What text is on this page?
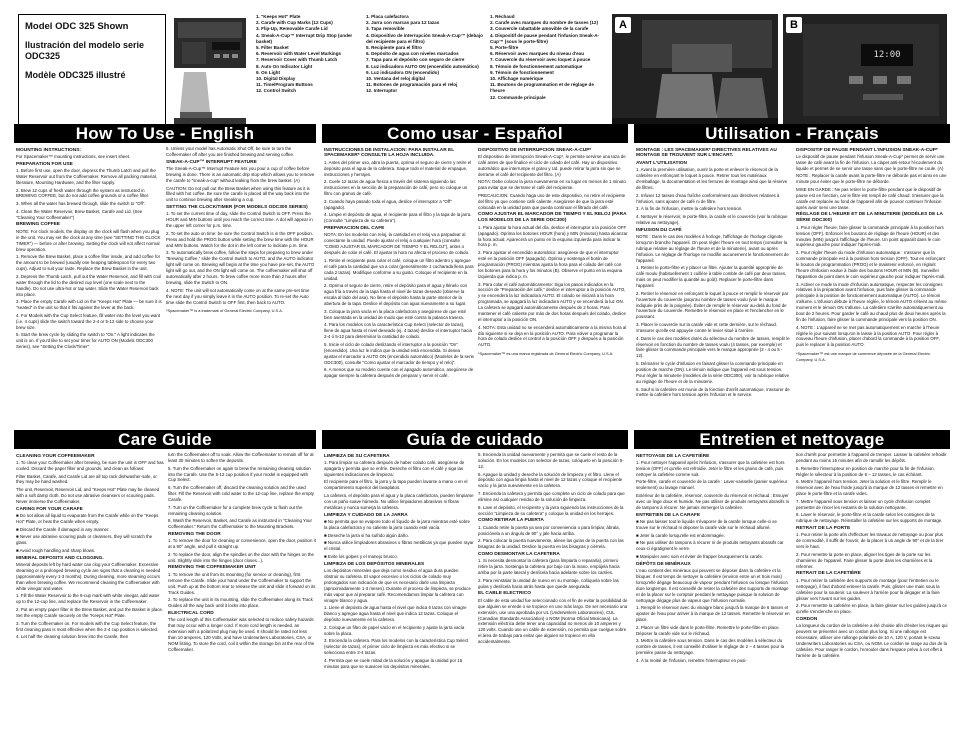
Model ODC 325 Shown
Ilustración del modelo serie ODC325
Modèle ODC325 illustré
1. "Keeps Hot" Plate
2. Carafe with Cup Marks (12 Cups)
3. Flip-Up, Removable Carafe Lid
4. Sneak-A-Cup™ Interrupt Drip Stop (under basket)
5. Filter Basket
6. Reservoir with Water Level Markings
7. Reservoir Cover with Thumb Latch
8. Auto On Indicator Light
9. On Light
10. Digital Display
11. Time/Program Buttons
12. Control Switch
1. Placa calefactora
2. Jarra con marcas para 12 tazas
3. Tapa removible
4. Dispositivo de interrupción Sneak-A-Cup™ (debajo del recipiente para el filtro)
5. Recipiente para el filtro
6. Depósito de agua con niveles marcados
7. Tapa para el depósito con seguro de cierre
8. Luz indicadora AUTO ON (encendido automático)
9. Luz indicadora ON (encendido)
10. Ventana del reloj digital
11. Botones de programación para el reloj
12. Interruptor
1. Réchaud
2. Carafe avec marques du nombre de tasses (12)
3. Couvercle rabattable amovible de la carafe
4. Dispositif de pause pendant l'infusion Sneak-A-Cup™ (sous le porte-filtre)
5. Porte-filtre
6. Réservoir avec marques du niveau d'eau
7. Couvercle du réservoir avec loquet à pouce
8. Témoin de fonctionnement automatique
9. Témoin de fonctionnement
10. Affichage numérique
11. Boutons de programmation et de réglage de l'heure
12. Commande principale
A	B
12:00
How To Use - English	Como usar - Español	Utilisation - Français
MOUNTING INSTRUCTIONS:

For Spacemaker™ mounting instructions, see insert sheet.

PREPARATION FOR USE

1. Before first use, open the door, depress the Thumb Latch and pull the Water Reservoir out from the Coffeemaker. Remove all packing material, literature, Mounting Hardware, and the filter supply.

2. Brew 12 cups of fresh water through the system as instructed in BREWING COFFEE, but do not add coffee grounds or a coffee filter.

3. When all the water has brewed through, slide the switch to "Off".

4. Clean the Water Reservoir, Brew Basket, Carafe and Lid. (See "Cleaning Your Coffeemaker")

BREWING COFFEE

NOTE: For clock models, the display on the clock will flash when you plug in the unit. You may set the clock at any time (see "SETTING THE CLOCK TIMER") — before or after brewing. Setting the clock will not affect normal brew operation.

1. Remove the Brew Basket, place a coffee filter inside, and add coffee for the amount to be brewed (usually one heaping tablespoon for every two cups). Adjust to suit your taste. Replace the Brew Basket in the unit.

2. Depress the Thumb Latch, pull out the Water Reservoir, and fill with cool water through the lid to the desired cup level (one scale next to the handle). Do not use ultra-hot or tap water. Slide the Water Reservoir back into place.

3. Place the empty Carafe with Lid on the "Keeps Hot" Plate — be sure it is "seated" in the unit so that it fits against the lever at the back.

4. For Models with the Cup Select feature, fill water into the level you want (i.e. 4 cups) slide the switch toward the 2-4 or 5-12 side to choose your brew size.

5. Start the brew cycle by sliding the switch to "On." A light indicates the unit is on. If you'd like to set your timer for AUTO ON (Models ODC300 Series), see "Setting the Clock/Timer"

6. Unless your model has Automatic Shut Off, be sure to turn the Coffeemaker off after you are finished brewing and serving coffee.

SNEAK-A-CUP™ INTERRUPT FEATURE

The Sneak-A-Cup™ Interrupt Feature lets you pour a cup of coffee before brewing is done. There is an automatic drip stop which allows you to remove the carafe to "sneak-a-cup" without leaking from the brew basket. (A)

CAUTION: Do not pull out the Brew Basket when using this feature as it is filled with hot coffee. Be sure the carafe is placed all the way back into the unit to continue brewing after sneaking a cup.

SETTING THE CLOCK/TIMER (FOR MODELS ODC300 SERIES)

1. To set the current time of day, slide the Control Switch to OFF. Press the HOUR and MIN buttons until you reach the correct time. A dot will appear in the upper left corner for p.m. time.

2. To set the auto on time: be sure the Control Switch is in the OFF position. Press and hold the PROG button while setting the brew time with the HOUR and MIN buttons. Watch for the dot in the left corner to indicate p.m. time.

3. To automatically brew coffee, follow the steps for preparing to brew under "Brewing Coffee," slide the Control Switch to AUTO, and the AUTO indicator light will come on. Brewing will begin at the time you have pre-set, the AUTO light will go out, and the ON light will come on. The coffeemaker will shut off automatically after 2 hours. To brew coffee more more than 2 hours after brewing, slide the Switch to ON.

4. NOTE: The unit will not automatically come on at the same pre-set time the next day if you simply leave it in the AUTO position. To re-set the Auto time slide the Control Switch to OFF first, then back to AUTO.

*Spacemaker™ is a trademark of General Electric Company, U.S.A.

INSTRUCCIONES DE INSTALACION: PARA INSTALAR EL SPACEMAKER* CONSULTE LA HOJA INCLUIDA.

1. Antes del primer uso, abra la puerta, oprima el seguro de cierre y retire el depósito para el agua de la cafetera. Saque todo el material de empaque, instrucciones y herrajes.

2. Cuele 12 tazas de agua fresca a través del sistema siguiendo las instrucciones en la sección de la preparación de café, pero no coloque un filtro con granos de café.

3. Cuando haya pasado toda el agua, deslice el interruptor a "Off" (apagado).

4. Limpie el depósito de agua, el recipiente para el filtro y la tapa de la jarra. (Consulte "Limpieza de su cafetera").

PREPARACION DEL CAFE

NOTA: En los modelos con reloj, la cantidad en el reloj va a parpadear al conectarse la unidad. Puede ajustar el reloj a cualquier hora (consulte "COMO AJUSTAR EL MARCADOR DE TIEMPO Y EL RELOJ"), antes o después de colar el café. El ajustar la hora no afecta el proceso de colado.

1. Retire el recipiente para colar el café, coloque un filtro adentro y agregue el café para la cantidad que va a colar (generalmente 1 cucharada llena para cada 2 tazas). Modifique conforme a su gusto. Coloque el recipiente en la unidad.

2. Oprima el seguro de cierre, retire el depósito para el agua y llénelo con agua fría a través de la tapa hasta el nivel de tazas deseado (observe la escala al lado del asa). No llene el depósito hasta la parte interior de la abertura de la tapa. Deslice el depósito con agua nuevamente a su lugar.

3. Coloque la jarra vacía en la placa calefactora y asegúrese de que esté bien asentada en la unidad de modo que esté contra la palanca trasera.

4. Para los modelos con la característica Cup Select (selector de tazas), llene de agua hasta el nivel deseado (ej. 4 tazas) deslice el interruptor hacia 2-4 ó 5-12 para determinar la cantidad de colado.

5. Inicie el ciclo de colado deslizando el interruptor a la posición "On" (encendido). Una luz le indica que la unidad está encendida. Si desea ajustar el marcador a AUTO ON (encendido automático) (Modelos de la serie ODC300), consulte "Como ajustar el marcador de tiempo y el reloj".

6. A menos que su modelo cuente con el apagado automático, asegúrese de apagar siempre la cafetera después de preparar y servir el café.

DISPOSITIVO DE INTERRUPCION SNEAK-A-CUP*

El dispositivo de interrupción Sneak-A-Cup*, le permite servirse una taza de café antes de que finalice el ciclo de colado del café. Hay un dispositivo automático que interrumpe el goteo y Ud. puede retirar la jarra sin que se derrame el café del recipiente del filtro. (A)

NOTA: Debe colocar la jarra nuevamente en su lugar en menos de 1 minuto para evitar que se derrame el café del recipiente.

PRECAUCION: Cuando haga uso de este dispositivo, no retire el recipiente del filtro ya que contiene café caliente. Asegúrese de que la jarra esté colocada en la unidad para que pueda continuar el filtrado del café.

COMO AJUSTAR EL MARCADOR DE TIEMPO Y EL RELOJ (PARA LOS MODELOS DE LA SERIE ODC300)

1. Para ajustar la hora actual del día, deslice el interruptor a la posición OFF (apagado). Oprima los botones HOUR (hora) y MIN (minutos) hasta alcanzar la hora actual. Aparecerá un punto en la esquina izquierda para indicar la hora p. m.

2. Para ajustar el encendido automático: asegúrese de que el interruptor esté en la posición OFF (apagado). Oprima y sostenga el botón de programación (PROG) mientras ajusta la hora para el colado del café con los botones para la hora y los minutos (B). Observe el punto en la esquina izquierda que indica p. m.

3. Para colar el café automáticamente: Siga los pasos indicados en la sección de "Preparación del café," deslice el interruptor a la posición AUTO, y se encenderá la luz indicadora AUTO. El colado se iniciará a la hora programada, se apagará la luz indicadora AUTO y se encenderá la luz ON. La cafetera se apagará automáticamente después de 2 horas. Para mantener el café caliente por más de dos horas después del colado, deslice el interruptor a la posición ON.

4. NOTA: Esta unidad no se encenderá automáticamente a la misma hora al día siguiente si se deja en la posición AUTO. Para volver a programar la hora de colado deslice el control a la posición OFF y después a la posición AUTO.

*Spacemaker™ es una marca registrada de General Electric Company, U.S.A.

MONTAGE : LES SPACEMAKER* DIRECTIVES RELATIVES AU MONTAGE SE TROUVENT SUR L'ENCART.
AVANT L'UTILISATION

1. Avant la première utilisation, ouvrir la porte et enlever le réservoir de la cafetière en enfonçant le loquet à pouce. Retirer tous les matériaux d'emballage, la documentation et les ferrures de montage ainsi que la réserve de filtres.

2. Infuser 12 tasses d'eau fraîche conformément aux directives relatives à l'infusion, sans ajouter de café ni de filtre.

3. À la fin de l'infusion, mettre la cafetière hors tension.

4. Nettoyer le réservoir, le porte-filtre, la carafe et le couvercle (voir la rubrique relative au nettoyage).

INFUSION DU CAFÉ

NOTE : Dans le cas des modèles à horloge, l'affichage de l'horloge clignote lorsqu'on branche l'appareil. On peut régler l'heure en tout temps (consulter la rubrique relative au réglage de l'heure et de la minuterie), avant ou après l'infusion. Le réglage de l'horloge ne modifie aucunement le fonctionnement de l'appareil.

1. Retirer le porte-filtre et y placer un filtre. Ajouter la quantité appropriée de café moulu (habituellement 1 cuillère à table comble de café par deux tasses, mais on peut modifier la quantité au goût). Replacer le porte-filtre dans l'appareil.

2. Retirer le réservoir en enfonçant le loquet à pouce et remplir le réservoir par l'ouverture du couvercle jusqu'au nombre de tasses voulu (voir le marque indiquée près de la poignée). Éviter de remplir le réservoir au-delà du fond de l'ouverture du couvercle. Remettre le réservoir en place et l'enclencher en le poussant.

3. Placer le couvercle sur la carafe vide et cette dernière, sur le réchaud. S'assurer qu'elle est appuyée contre le levier situé à l'arrière.

4. Dans le cas des modèles dotés du sélecteur du nombre de tasses, remplir le réservoir en fonction du nombre de tasses voulu (4 tasses, par exemple) et faire glisser la commande principale vers le marque appropriée (2 - 4 ou 5 - 12).

5. Démarrer le cycle d'infusion en faisant glisser la commande principale en position de marche (ON). Le témoin indique que l'appareil est sous tension. Pour régler la minuterie (modèles de la série ODC300), voir la rubrique relative au réglage de l'heure et de la minuterie.

6. Sauf si la cafetière est munie de la fonction d'arrêt automatique, s'assurer de mettre la cafetière hors tension après l'infusion et le service.

DISPOSITIF DE PAUSE PENDANT L'INFUSION SNEAK-A-CUP*

Le dispositif de pause pendant l'infusion Sneak-A-Cup* permet de servir une tasse de café avant la fin de l'infusion. La clapet anti-retour l'écoulement du liquide et permet de se servir une tasse sans que le porte-filtre ne coule. (A)

NOTE : Replacer la carafe avant la porte-filtre ne déborde pas et ainsi en une minute pour éviter que le porte-filtre ne déborde.

MISE EN GARDE : Ne pas retirer le porte-filtre pendant que le dispositif de pause est en fonction, car le filtre est rempli de café chaud. S'assurer que la carafe est replacée au fond de l'appareil afin de pouvoir continuer l'infusion après avoir servi une tasse.

RÉGLAGE DE L'HEURE ET DE LA MINUTERIE (MODÈLES DE LA SÉRIE ODC300)

1. Pour régler l'heure, faire glisser la commande principale à la position hors tension (OFF). Enfoncer les boutons de réglage de l'heure (HOUR) et des minutes (MIN) jusqu'à l'affichage de l'heure. Un point apparaît dans le coin supérieur gauche pour indiquer l'après-midi.

2. Pour régler l'heure du mode d'infusion automatique : s'assurer que la commande principale est à la position hors tension (OFF). Tout en enfonçant le bouton de programmation (PROG) et le maintenir enfoncé, en réglant l'heure d'infusion voulue à l'aide des boutons HOUR et MIN (B). Surveiller l'apparition du point dans le coin supérieur gauche pour indiquer l'après-midi.

3. Activer ce mode la mode d'infusion automatique, respecter les consignes relatives à la préparation avant l'infusion, puis faire glisser la commande principale à la position de fonctionnement automatique (AUTO). Le témoin s'allume. L'infusion débute à l'heure réglée, le témoin AUTO s'éteint au même moment et le témoin ON s'allume. La cafetière s'arrête automatiquement au bout de 2 heures. Pour garder le café au chaud plus de deux heures après la fin de l'infusion, faire glisser la commande principale vers la position ON.

4. NOTE : L'appareil ne se met pas automatiquement en marche à l'heure réglée le jour suivant lorsqu'on le laisse à la position AUTO. Pour régler à nouveau l'heure d'infusion, placer d'abord la commande à la position OFF, puis le replacer à la position AUTO.

*Spacemaker™ est une marque de commerce déposée de la General Electric Company, U.S.A.

Care Guide	Guía de cuidado	Entretien et nettoyage
CLEANING YOUR COFFEEMAKER

1. To clean your Coffeemaker after brewing, be sure the unit is OFF and has cooled. Discard the paper filter and grounds, and clean as follows:

Filter Basket, Carafe, and Carafe Lid are all top rack dishwasher-safe, or they may be hand washed.

The unit, Reservoir, Reservoir Lid, and "Keeps Hot" Plate may be cleaned with a soft damp cloth. Do not use abrasive cleansers or scouring pads. Never immerse the Coffeemaker.

CARING FOR YOUR CARAFE

■ Do not allow all liquid to evaporate from the Carafe while on the "Keeps Hot" Plate, or heat the Carafe when empty.

■ Discard the Carafe if damaged in any manner.

■ Never use abrasive scouring pads or cleansers, they will scratch the glass.

■ Avoid rough handling and sharp blows.

MINERAL DEPOSITS AND CLOGGING.

Mineral deposits left by hard water can clog your Coffeemaker. Excessive steaming or a prolonged brewing cycle are signs that a cleaning is needed (approximately every 1-3 months). During cleaning, more steaming occurs than when brewing coffee. We recommend cleaning the Coffeemaker with white vinegar and water.

1. Fill the Water Reservoir to the 6-cup mark with white vinegar, add water up to the 12-cup line, and replace the Reservoir in the Coffeemaker.

2. Put an empty paper filter in the Brew Basket, and put the Basket in place. Set the empty Carafe securely on the "Keeps Hot" Plate.

3. Turn the Coffeemaker on. For models with the Cup Select feature, the first cleaning pass is most effective when the 2-4 cup position is selected.

4. Let half the cleaning solution brew into the Carafe, then

turn the Coffeemaker off to soak. Allow the Coffeemaker to remain off for at least 30 minutes to soften the deposits.

5. Turn the Coffeemaker on again to brew the remaining cleaning solution into the Carafe. Use the 5-12 cup position if your model is equipped with Cup Select.

6. Turn the Coffeemaker off, discard the cleaning solution and the used filter. Fill the Reservoir with cold water to the 12-cup line, replace the empty Carafe.

7. Turn on the Coffeemaker for a complete brew cycle to flush out the remaining cleaning solution.

8. Wash the Reservoir, Basket, and Carafe as instructed in "Cleaning Your Coffeemaker." Return the Coffeemaker to the Mounting Brackets.

REMOVING THE DOOR

1. To remove the door for cleaning or convenience, open the door, position it at a 90° angle, and pull it straight up.

2. To replace the door, align the spindles on the door with the hinges on the unit. Slightly slide into the hinges (door closes...).

REMOVING THE COFFEEMAKER UNIT

1. To remove the unit from its mounting (for service or cleaning), first remove the Carafe. Slide your hand under the Coffeemaker to support the unit. Push up at the bottom rear to release the unit and slide it forward on its Track Guides.

2. To replace the unit in its mounting, slide the Coffeemaker along its Track Guides all the way back until it locks into place.

ELECTRICAL CORD

The cord length of this Coffeemaker was selected to reduce safety hazards that may occur with a longer cord. If more cord length is needed, an extension with a polarized plug may be used. It should be rated not less than 10 amperes, 120 Volts, and have Underwriters Laboratories, CSA, or NOM listing. To store the cord, coil it within the storage bin at the rear of the Coffeemaker.

LIMPIEZA DE SU CAFETERA

1. Para limpiar su cafetera después de haber colado café, asegúrese de apagarla y permita que se enfríe. Deseche el filtro con el café y siga las siguientes indicaciones de limpieza:

El recipiente para el filtro, la jarra y la tapa pueden lavarse a mano o en el compartimiento superior del lavaplatos.

La cafetera, el depósito para el agua y la placa calefactora, pueden limpiarse con un paño suave húmedo. No utilice limpiadores abrasivos ni fibras metálicas y nunca sumerja la cafetera.

LIMPIEZA Y CUIDADO DE LA JARRA

■ No permita que se evapore todo el líquido de la jarra mientras esté sobre la placa calefactora y no caliente la jarra cuando esté vacía.

■ Deseche la jarra si ha sufrido algún daño.

■ Nunca utilice limpiadores abrasivos o fibras metálicas ya que pueden rayar el cristal.

■ Evite los golpes y el manejo brusco.

LIMPIEZA DE LOS DEPÓSITOS MINERALES

Los depósitos minerales que deja como residuo el agua dura pueden obstruir su cafetera. El vapor excesivo o los ciclos de colado muy prolongados son indicación de que es necesario darle una limpieza (aproximadamente 1-3 meses). Durante el proceso de limpieza, se produce más vapor que al preparar café. Recomendamos limpiar la cafetera con vinagre blanco y agua.

1. Llene el depósito de agua hasta el nivel que indica 6 tazas con vinagre blanco y agregue agua hasta el nivel que indica 12 tazas. Coloque el depósito nuevamente en la cafetera.

2. Coloque un filtro de papel vacío en el recipiente y ajuste la jarra vacía sobre la placa.

3. Encienda la cafetera. Para los modelos con la característica Cup Select (selector de tazas), el primer ciclo de limpieza es más efectivo si se selecciona entre 2-4 tazas.

4. Permita que se cuele mitad de la solución y apague la unidad por 15 minutos para que se suavicen los depósitos minerales.

5. Encienda la unidad nuevamente y permita que se cuele el resto de la solución. En los modelos con selector de tazas, colóquelo en la posición 5-12.

6. Apague la unidad y deseche la solución de limpieza y el filtro. Llene el depósito con agua limpia hasta el nivel de 12 tazas y coloque el recipiente vacío y la jarra nuevamente en la cafetera.

7. Encienda la cafetera y permita que complete un ciclo de colado para que elimine así cualquier residuo de la solución de limpieza.

8. Lave el depósito, el recipiente y la jarra siguiendo las instrucciones de la sección "Limpieza de su cafetera" y coloque la unidad en los herrajes.

COMO RETIRAR LA PUERTA

1. Cuando retire la puerta ya sea por conveniencia o para limpiar, ábrala, posiciónela a un ángulo de 90° y jale hacia arriba.

2. Para colocar la puerta nuevamente, alinee las guías de la puerta con las bisagras de la unidad. Deslice la puerta en las bisagras y ciérrela.

COMO DESMONTAR LA CAFETERA

1. Si necesita desmontar la cafetera (para limpiarla o repararla), primero retire la jarra. Sostenga la cafetera por bajo con la mano, empújela hacia arriba por la parte lateral y deslícela hacia adelante sobre los carriles.

2. Para reinstalar la unidad de nuevo en su montaje, colóquela sobre las guías y deslícela hacia atrás hasta que quede asegurada.

EL CABLE ELECTRICO

El cable de esta unidad fue seleccionado con el fin de evitar la posibilidad de que alguien se enrede o se tropiece en uno más largo. De ser necesario una extensión, use una aprobada por UL (Underwriters Laboratories), CUL (Canadian Standards Association) o NOM (Norma Oficial Mexicana). La extensión eléctrica debe tener una capacidad no menos de 10 amperes y 120 volts. Cuando use un cable de extensión, no permita que cuelgue sobre el área de trabajo para evitar que alguien se tropiece en ella accidentalmente.

NETTOYAGE DE LA CAFETIÈRE

1. Pour nettoyer l'appareil après l'infusion, s'assurer que la cafetière est hors tension (OFF) et qu'elle est refroidie. Jeter le filtre et les grains de café, puis nettoyer la cafetière comme suit.

Porte-filtre, carafe et couvercle de la carafe : Laver-vaisselle (panier supérieur seulement) ou lavage manuel.

Extérieur de la cafetière, réservoir, couvercle du réservoir et réchaud : Essuyer avec un linge doux et humide. Ne pas utiliser de produits nettoyants abrasifs ni de tampons à récurer. Ne jamais immerger la cafetière.

ENTRETIEN DE LA CARAFE

■ Ne pas laisser tout le liquide s'évaporer de la carafe lorsque celle-ci se trouve sur le réchaud ni déposer la carafe vide sur le réchaud allumé.

■ Jeter la carafe lorsqu'elle est endommagée.

■ Ne pas utiliser de tampons à récurer ni de produits nettoyants abrasifs car ceux-ci égratignent le verre.

■ Manipuler avec soin et éviter de frapper brusquement la carafe.

DÉPÔTS DE MINÉRAUX

L'eau contient des minéraux qui peuvent se déposer dans la cafetière et la bloquer. Il est temps de nettoyer la cafetière (environ entre un et trois mois) lorsqu'elle dégage beaucoup de vapeur pendant l'infusion ou lorsque l'infusion dure longtemps. Il est conseillé de retirer la cafetière des supports de montage et de la placer sur le comptoir pendant le nettoyage puisque la solution de nettoyage dégage plus de vapeur que l'infusion normale.

1. Remplir le réservoir avec du vinaigre blanc jusqu'à la marque de 6 tasses et ajouter de l'eau pour arriver à la marque de 12 tasses. Remettre le réservoir en place.

2. Placer un filtre vide dans le porte-filtre. Remettre le porte-filtre en place. Déposer la carafe vide sur le réchaud.

3. Mettre la cafetière sous tension. Dans le cas des modèles à sélecteur du nombre de tasses, il est conseillé d'utiliser le réglage de 2 – 4 tasses pour la première passe du nettoyage.

4. À la moitié de l'infusion, remettre l'interrupteur en posi-

tion d'arrêt pour permettre à l'appareil de tremper. Laisser la cafetière refroidir pendant au moins 15 minutes afin de ramollir les dépôts.

5. Remettre l'interrupteur en position de marche pour la fin de l'infusion. Régler le sélecteur à la position de 5 – 12 tasses, le cas échéant.

6. Mettre l'appareil hors tension. Jeter la solution et le filtre. Remplir le réservoir avec de l'eau froide jusqu'à la marque de 12 tasses et remettre en place le porte-filtre et la carafe vides.

7. Mettre l'appareil sous tension et laisser un cycle d'infusion complet permettre de rincer les restants de la solution nettoyante.

8. Laver le réservoir, le porte-filtre et la carafe selon les consignes de la rubrique de nettoyage. Réinstaller la cafetière sur les supports de montage.

RETRAIT DE LA PORTE

1. Pour retirer la porte afin d'effectuer les travaux de nettoyage ou pour plus de commodité, il suffit de l'ouvrir, de la placer à un angle de 90° et de la tirer vers le haut.

2. Pour remettre la porte en place, aligner les tiges de la porte sur les charnières de l'appareil. Faire glisser la porte dans les charnières et la refermer.

RETRAIT DE LA CAFETIÈRE

1. Pour retirer la cafetière des supports de montage (pour l'entretien ou le nettoyage), il faut d'abord enlever la carafe. Puis, glisser une main sous la cafetière pour la soutenir. La soulever à l'arrière pour la dégager et la faire glisser vers l'avant sur les guides.

2. Pour remettre la cafetière en place, la faire glisser sur les guides jusqu'à ce qu'elle s'enclenche en place.

CORDON

La longueur du cordon de la cafetière a été choisie afin d'éviter les risques qui peuvent se présenter avec un cordon plus long. Si une rallonge est nécessaire, utiliser une rallonge polarisée de 10 A, 120 V, portant le sceau Underwriters Laboratories ou CSA, ou NOM. Le cordon se range au dos de la cafetière. Pour ranger le cordon, l'enrouler dans l'espace prévu à cet effet à l'arrière de la cafetière.
